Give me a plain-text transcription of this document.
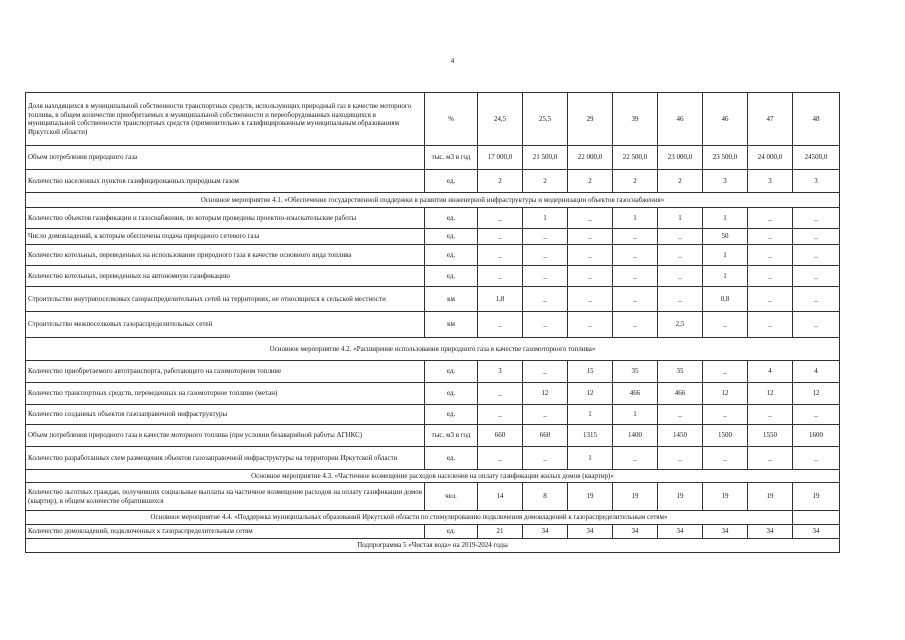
4
Доля находящихся в муниципальной собственности транспортных средств, использующих природный газ в качестве моторного топлива, в общем количестве приобретаемых в муниципальной собственности и переоборудованных находящихся в муниципальной собственности транспортных средств (применительно к газифицированным муниципальным образованиям Иркутской области)	%	24,5	25,5	29	39	46	46	47	48
Объем потребления природного газа	тыс. м3 в год	17 000,0	21 500,0	22 000,0	22 500,0	23 000,0	23 500,0	24 000,0	24500,0
Количество населенных пунктов газифицированных природным газом	ед.	2	2	2	2	2	3	3	3
Основное мероприятие 4.1. «Обеспечение государственной поддержки в развитии инженерной инфраструктуры и модернизации объектов газоснабжения»									
Количество объектов газификации и газоснабжения, по которым проведены проектно-изыскательские работы	ед.	_	1	_	1	1	1	_	_
Число домовладений, к которым обеспечена подача природного сетевого газа	ед.	_	_	_	_	_	50	_	_
Количество котельных, переведенных на использование природного газа в качестве основного вида топлива	ед.	_	_	_	_	_	1	_	_
Количество котельных, переведенных на автономную газификацию	ед.	_	_	_	_	_	1	_	_
Строительство внутрипоселковых газораспределительных сетей на территориях, не относящихся к сельской местности	км	1,8	_	_	_	_	0,8	_	_
Строительство межпоселковых газораспределительных сетей	км	_	_	_	_	2,5	_	_	_
Основное мероприятие 4.2. «Расширение использования природного газа в качестве газомоторного топлива»									
Количество приобретаемого автотранспорта, работающего на газомоторном топливе	ед.	3	_	15	35	35	_	4	4
Количество транспортных средств, переведенных на газомоторное топливо (метан)	ед.	_	12	12	466	466	12	12	12
Количество созданных объектов газозаправочной инфраструктуры	ед.	_	_	1	1	_	_	_	_
Объем потребления природного газа в качестве моторного топлива (при условии безаварийной работы АГНКС)	тыс. м3 в год	660	660	1315	1400	1450	1500	1550	1600
Количество разработанных схем размещения объектов газозаправочной инфраструктуры на территории Иркутской области	ед.	_	_	1	_	_	_	_	_
Основное мероприятие 4.3. «Частичное возмещение расходов населения на оплату газификации жилых домов (квартир)»									
Количество льготных граждан, получивших социальные выплаты на частичное возмещение расходов на оплату газификации домов (квартир), в общем количестве обратившихся	чел.	14	8	19	19	19	19	19	19
Основное мероприятие 4.4. «Поддержка муниципальных образований Иркутской области по стимулированию подключения домовладений к газораспределительным сетям»									
Количество домовладений, подключенных к газораспределительным сетям	ед.	21	34	34	34	34	34	34	34
Подпрограмма 5 «Чистая вода» на 2019-2024 годы									
